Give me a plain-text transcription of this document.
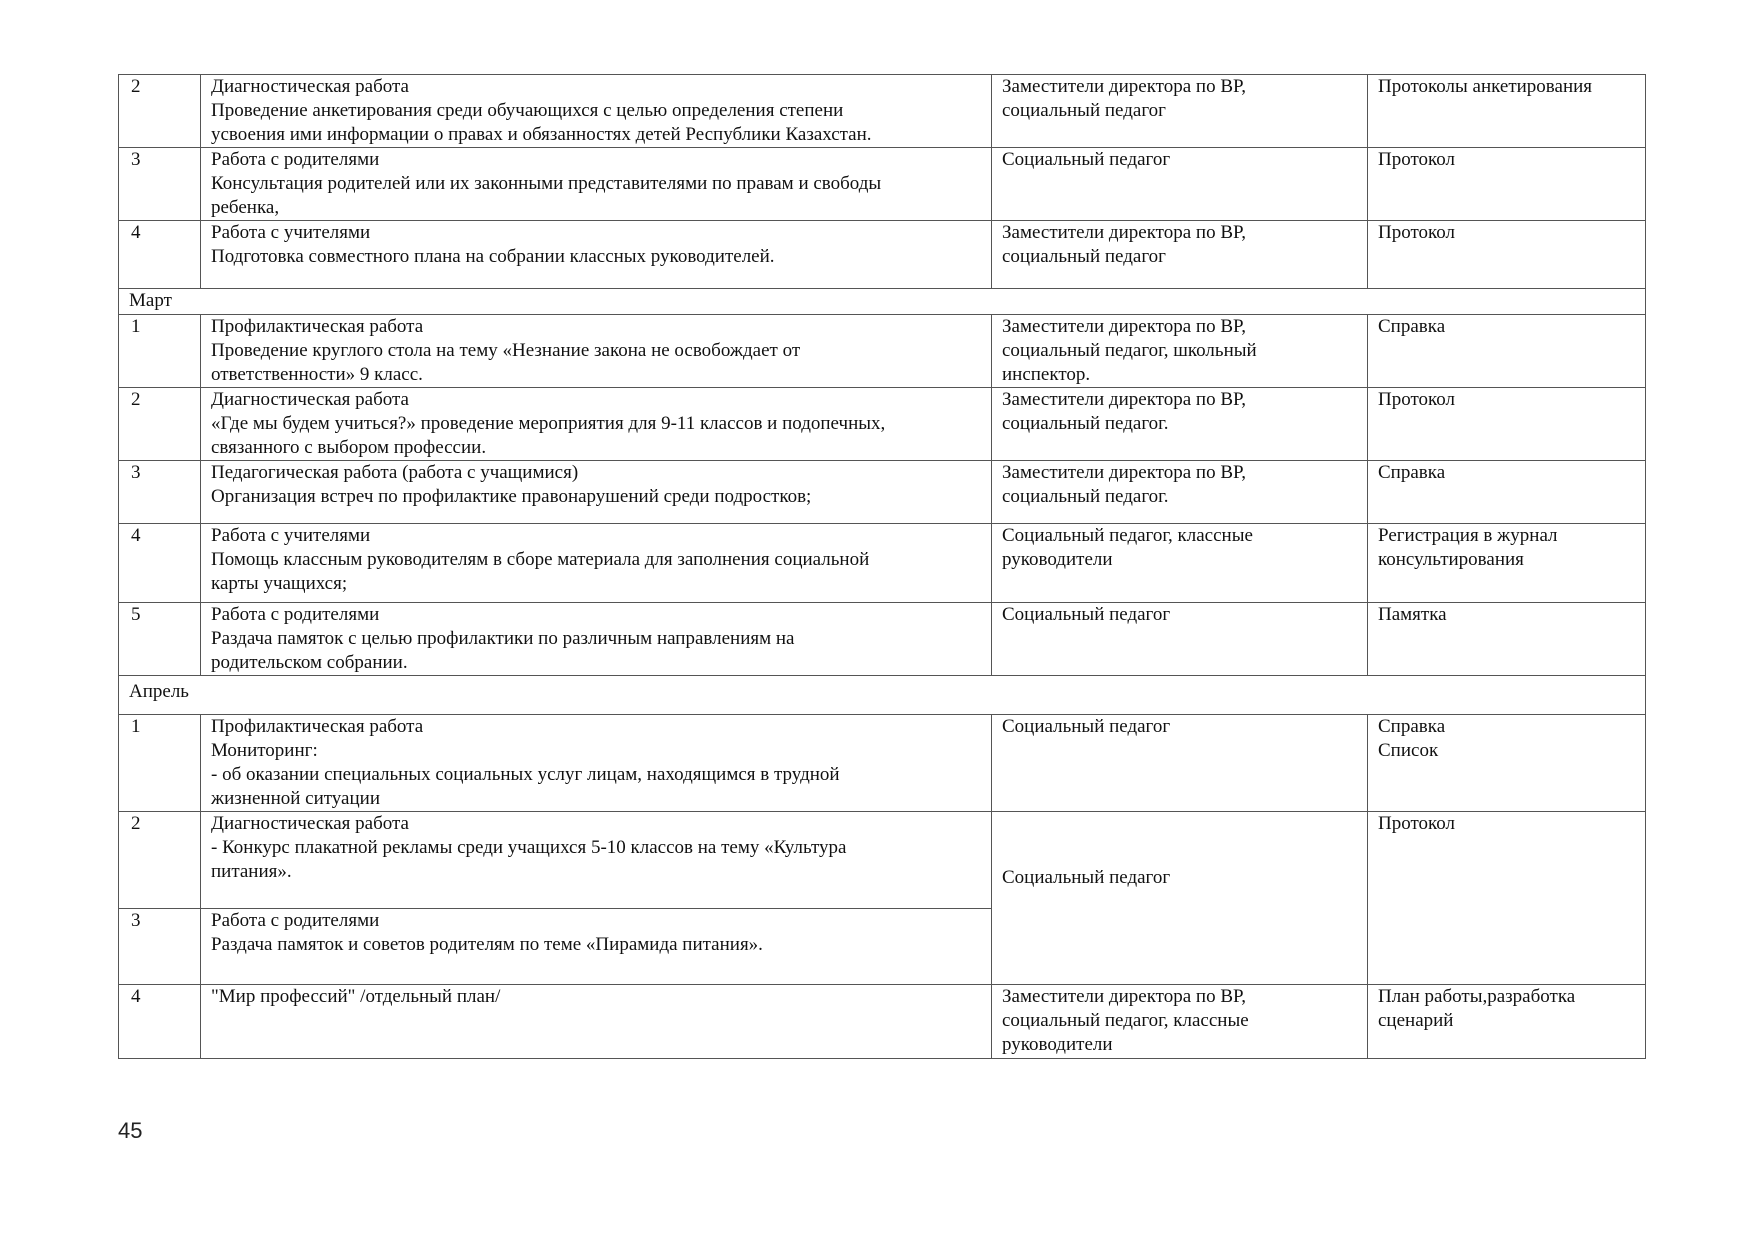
2	Диагностическая работа
Проведение анкетирования среди обучающихся с целью определения степени
усвоения ими информации о правах и обязанностях детей Республики Казахстан.	Заместители директора по ВР,
социальный педагог	Протоколы анкетирования

3	Работа с родителями
Консультация родителей или их законными представителями по правам и свободы
ребенка,	Социальный педагог	Протокол

4	Работа с учителями
Подготовка совместного плана на собрании классных руководителей.	Заместители директора по ВР,
социальный педагог	Протокол

Март			
1	Профилактическая работа
Проведение круглого стола на тему «Незнание закона не освобождает от
ответственности» 9 класс.	Заместители директора по ВР,
социальный педагог, школьный
инспектор.	Справка

2	Диагностическая работа
«Где мы будем учиться?» проведение мероприятия для 9-11 классов и подопечных,
связанного с выбором профессии.	Заместители директора по ВР,
социальный педагог.	Протокол

3	Педагогическая работа (работа с учащимися)
Организация встреч по профилактике правонарушений среди подростков;	Заместители директора по ВР,
социальный педагог.	Справка

4	Работа с учителями
Помощь классным руководителям в сборе материала для заполнения социальной
карты учащихся;	Социальный педагог, классные
руководители	Регистрация в журнал
консультирования

5	Работа с родителями
Раздача памяток с целью профилактики по различным направлениям на
родительском собрании.	Социальный педагог	Памятка

Апрель			
1	Профилактическая работа
Мониторинг:
- об оказании специальных социальных услуг лицам, находящимся в трудной
жизненной ситуации	Социальный педагог	Справка
Список

2	Диагностическая работа
- Конкурс плакатной рекламы среди учащихся 5-10 классов на тему «Культура
питания».	Социальный педагог	Протокол

3	Работа с родителями
Раздача памяток и советов родителям по теме «Пирамида питания».		

4	"Мир профессий" /отдельный план/	Заместители директора по ВР,
социальный педагог, классные
руководители	План работы,разработка
сценарий
45
